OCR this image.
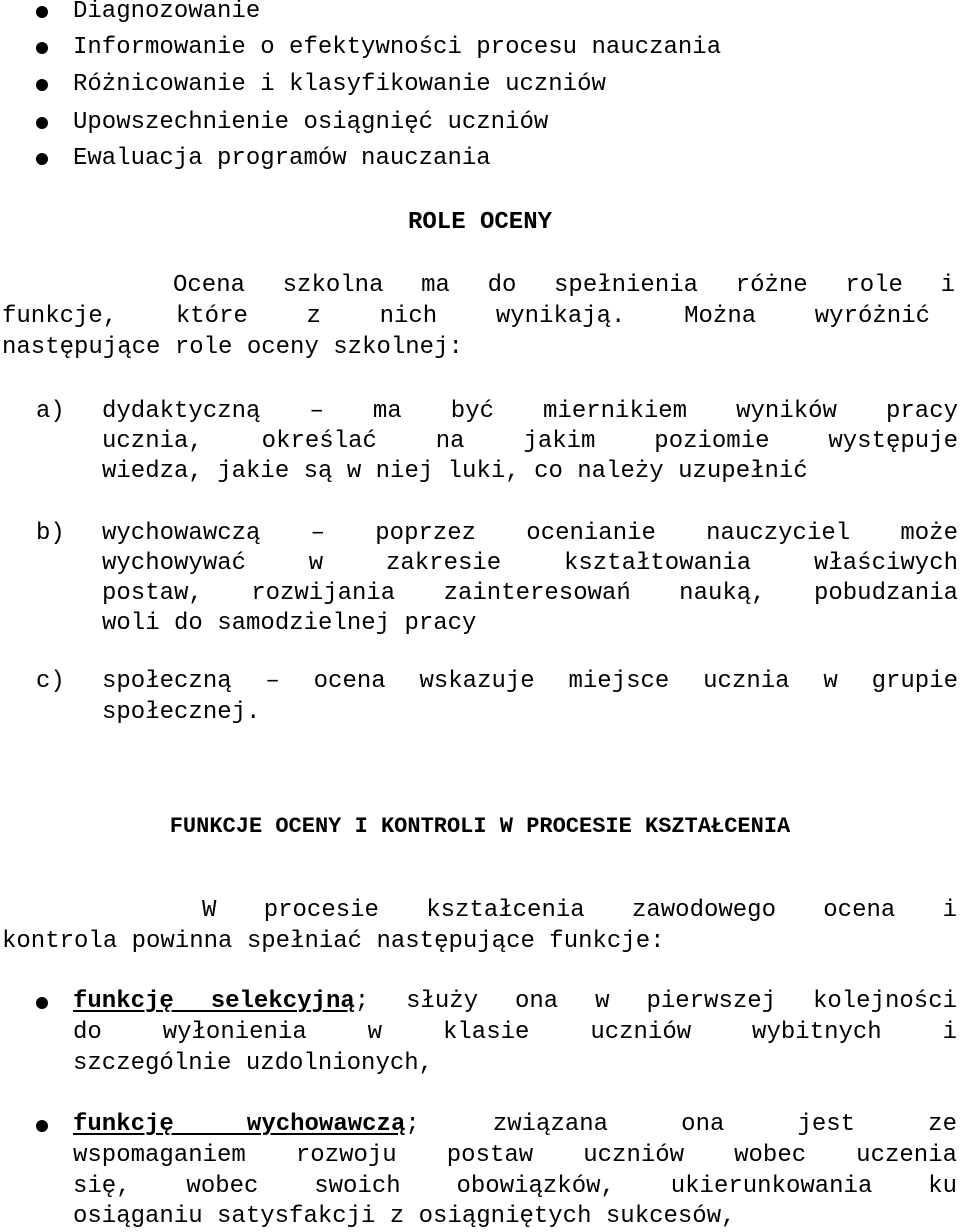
Diagnozowanie
Informowanie o efektywności procesu nauczania
Różnicowanie i klasyfikowanie uczniów
Upowszechnienie osiągnięć uczniów
Ewaluacja programów nauczania
ROLE OCENY
Ocena szkolna ma do spełnienia różne role i
funkcje, które z nich wynikają. Można wyróżnić
następujące role oceny szkolnej:
a) dydaktyczną – ma być miernikiem wyników pracy
ucznia, określać na jakim poziomie występuje
wiedza, jakie są w niej luki, co należy uzupełnić
b) wychowawczą – poprzez ocenianie nauczyciel może
wychowywać w zakresie kształtowania właściwych
postaw, rozwijania zainteresowań nauką, pobudzania
woli do samodzielnej pracy
c) społeczną – ocena wskazuje miejsce ucznia w grupie
społecznej.
FUNKCJE OCENY I KONTROLI W PROCESIE KSZTAŁCENIA
W procesie kształcenia zawodowego ocena i
kontrola powinna spełniać następujące funkcje:
funkcję selekcyjną; służy ona w pierwszej kolejności
do wyłonienia w klasie uczniów wybitnych i
szczególnie uzdolnionych,
funkcję wychowawczą; związana ona jest ze
wspomaganiem rozwoju postaw uczniów wobec uczenia
się, wobec swoich obowiązków, ukierunkowania ku
osiąganiu satysfakcji z osiągniętych sukcesów,
